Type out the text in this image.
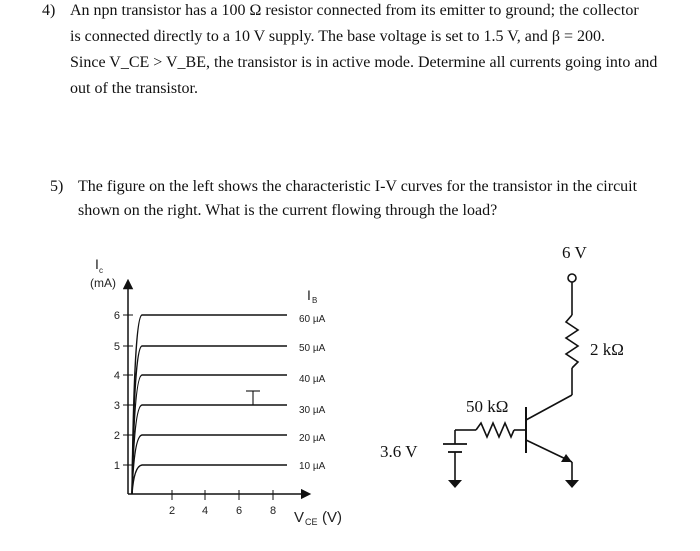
4) An npn transistor has a 100 Ω resistor connected from its emitter to ground; the collector
is connected directly to a 10 V supply. The base voltage is set to 1.5 V, and β = 200.
Since V_CE > V_BE, the transistor is in active mode. Determine all currents going into and
out of the transistor.
5) The figure on the left shows the characteristic I-V curves for the transistor in the circuit
shown on the right. What is the current flowing through the load?
6
5
4
3
2
1
2 4	6	8
60 µA
50 µA
40 µA
30 µA
20 µA
10 µA
I c
(mA)
I B
V CE (V)
6 V
2 kΩ
50 kΩ
3.6 V
